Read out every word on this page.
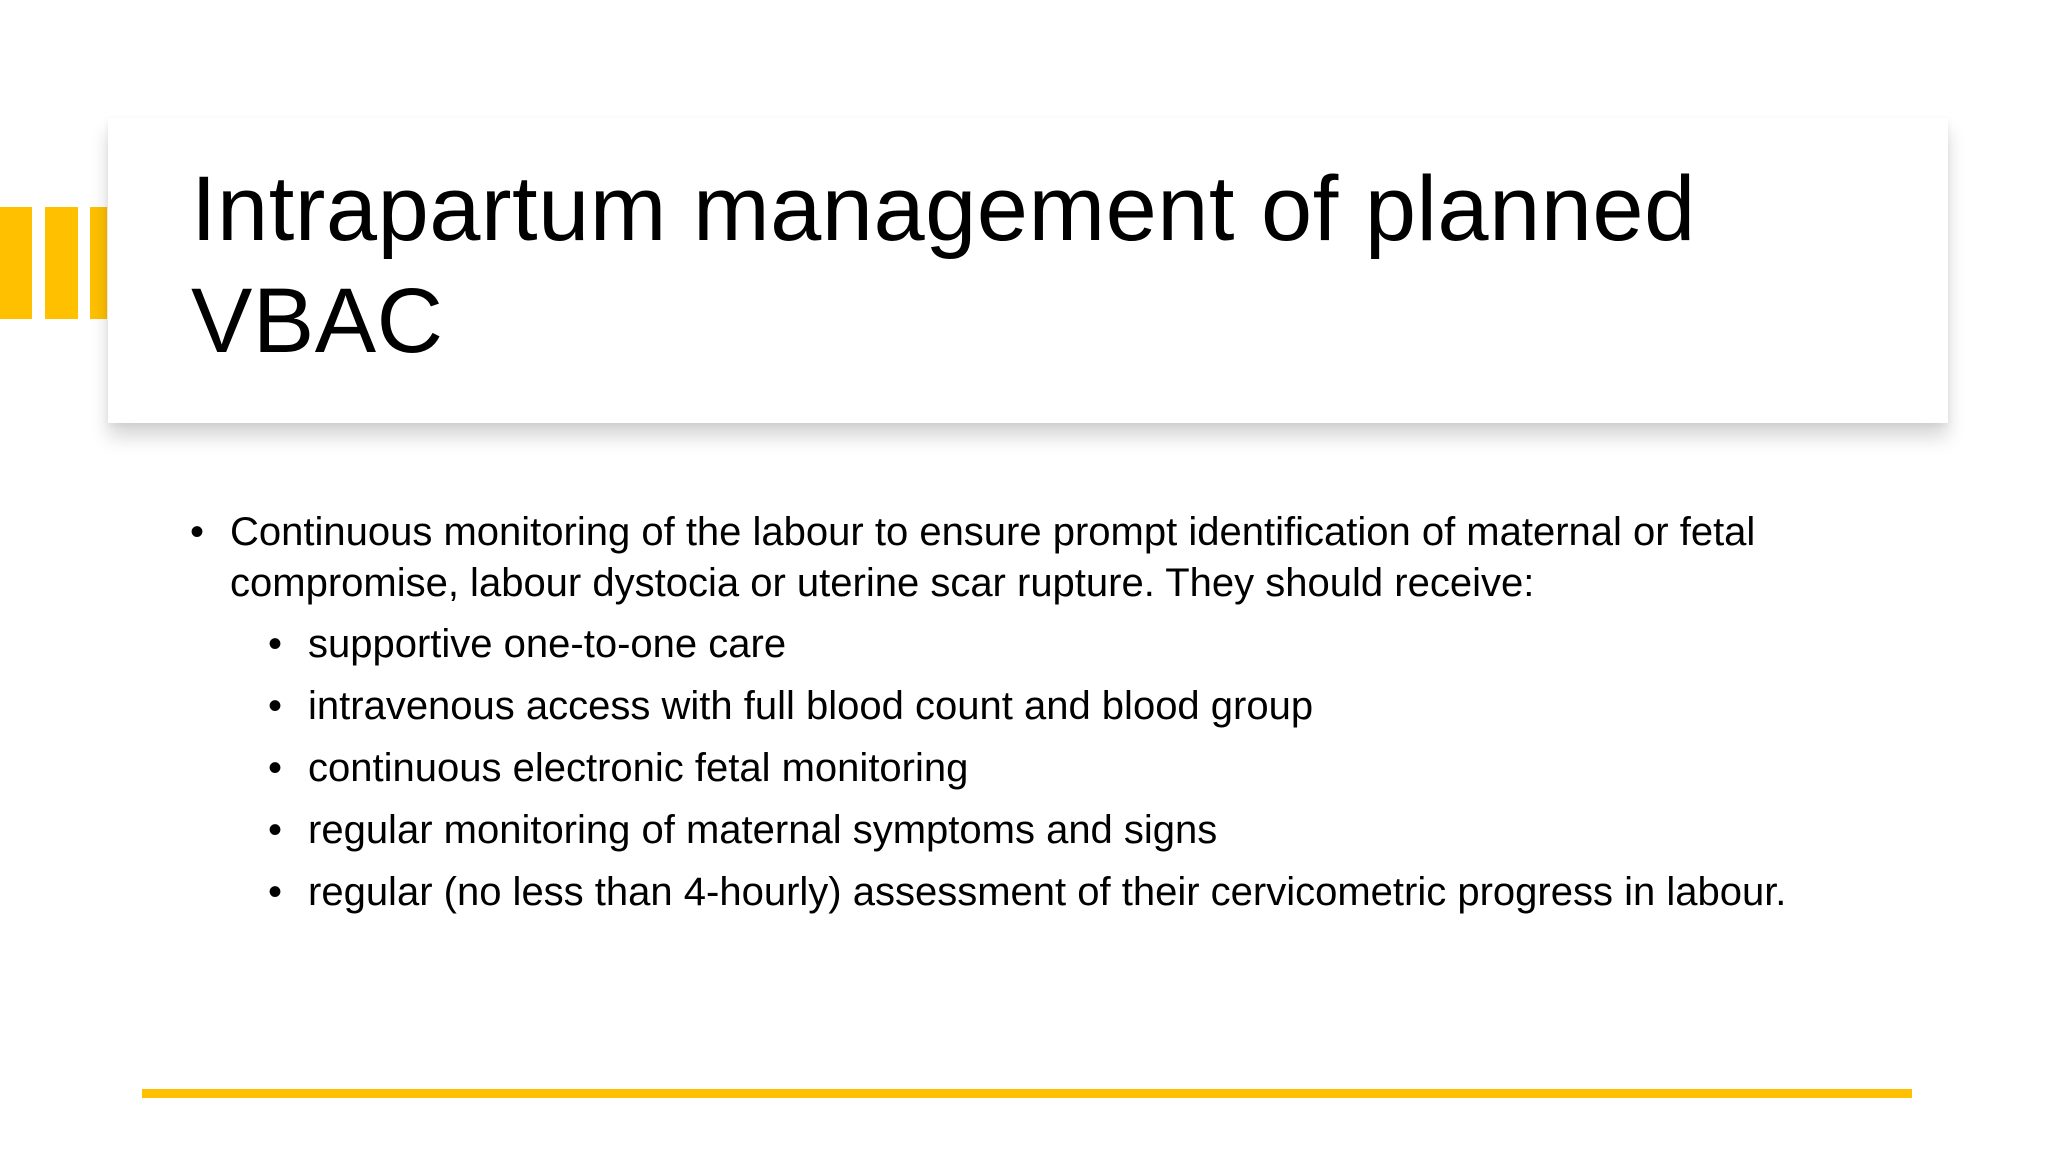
Intrapartum management of planned
VBAC
• Continuous monitoring of the labour to ensure prompt identification of maternal or fetal compromise, labour dystocia or uterine scar rupture. They should receive:
• supportive one-to-one care
• intravenous access with full blood count and blood group
• continuous electronic fetal monitoring
• regular monitoring of maternal symptoms and signs
• regular (no less than 4-hourly) assessment of their cervicometric progress in labour.
